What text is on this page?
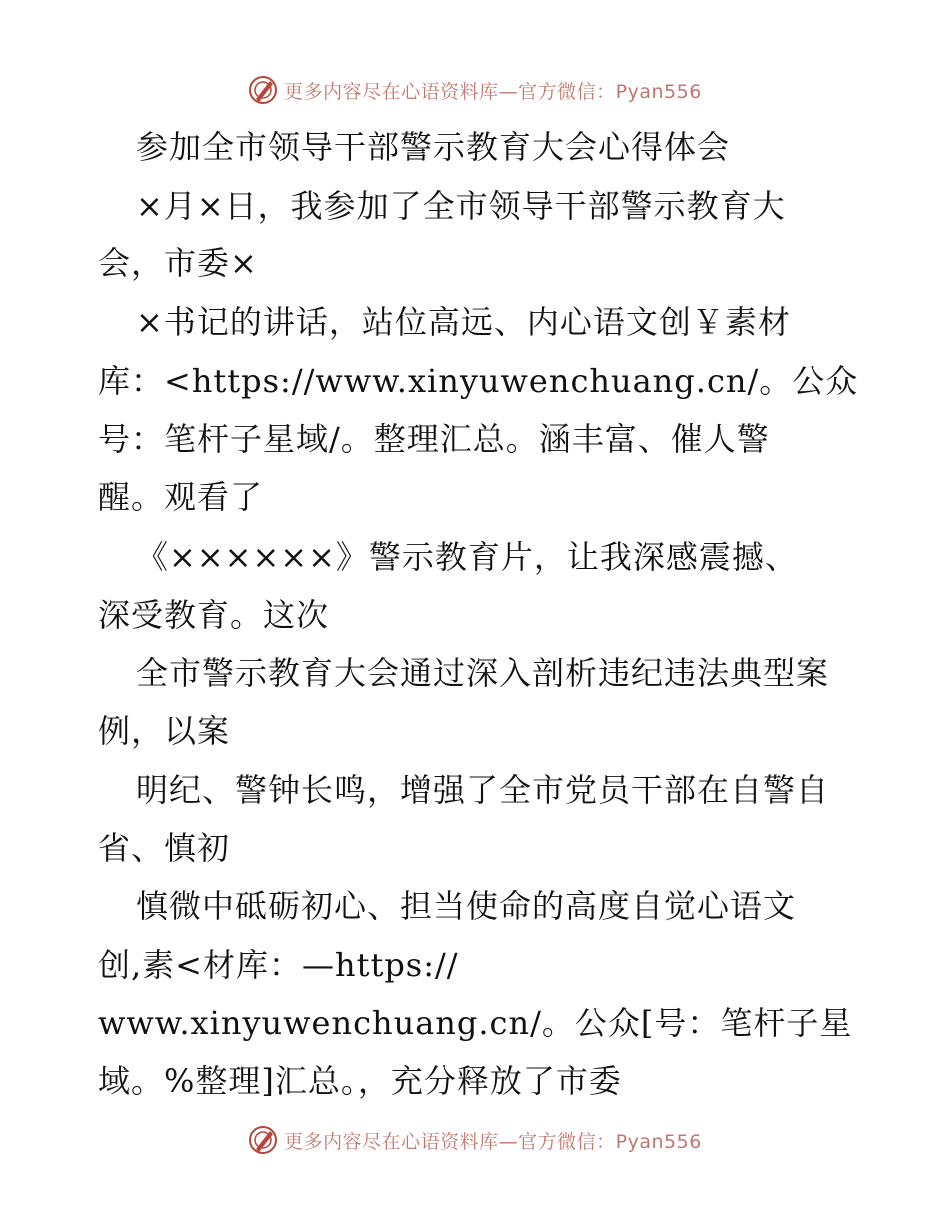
更多内容尽在心语资料库—官方微信：Pyan556
参加全市领导干部警示教育大会心得体会
×月×日，我参加了全市领导干部警示教育大
会，市委×
×书记的讲话，站位高远、内心语文创￥素材
库：<https://www.xinyuwenchuang.cn/。公众
号：笔杆子星域/。整理汇总。涵丰富、催人警
醒。观看了
《××××××》警示教育片，让我深感震撼、
深受教育。这次
全市警示教育大会通过深入剖析违纪违法典型案
例，以案
明纪、警钟长鸣，增强了全市党员干部在自警自
省、慎初
慎微中砥砺初心、担当使命的高度自觉心语文
创,素<材库：—https://
www.xinyuwenchuang.cn/。公众[号：笔杆子星
域。%整理]汇总。，充分释放了市委
更多内容尽在心语资料库—官方微信：Pyan556
